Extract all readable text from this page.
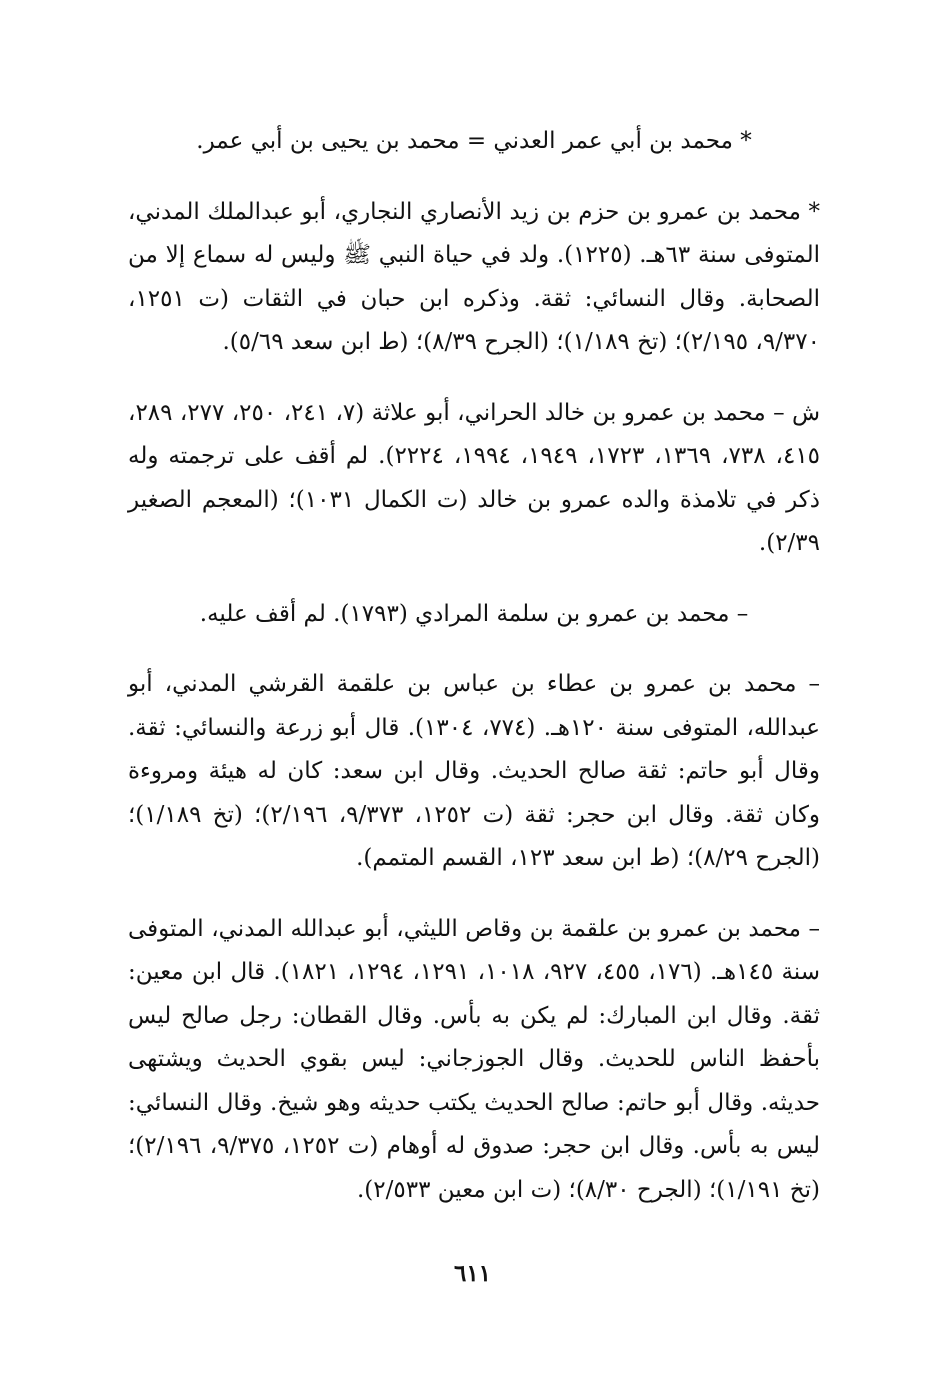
* محمد بن أبي عمر العدني = محمد بن يحيى بن أبي عمر.

* محمد بن عمرو بن حزم بن زيد الأنصاري النجاري، أبو عبدالملك المدني، المتوفى سنة ٦٣هـ. (١٢٢٥). ولد في حياة النبي ﷺ وليس له سماع إلا من الصحابة. وقال النسائي: ثقة. وذكره ابن حبان في الثقات (ت ١٢٥١، ٩/٣٧٠، ٢/١٩٥)؛ (تخ ١/١٨٩)؛ (الجرح ٨/٣٩)؛ (ط ابن سعد ٥/٦٩).

ش – محمد بن عمرو بن خالد الحراني، أبو علاثة (٧، ٢٤١، ٢٥٠، ٢٧٧، ٢٨٩، ٤١٥، ٧٣٨، ١٣٦٩، ١٧٢٣، ١٩٤٩، ١٩٩٤، ٢٢٢٤). لم أقف على ترجمته وله ذكر في تلامذة والده عمرو بن خالد (ت الكمال ١٠٣١)؛ (المعجم الصغير ٢/٣٩).

– محمد بن عمرو بن سلمة المرادي (١٧٩٣). لم أقف عليه.

– محمد بن عمرو بن عطاء بن عباس بن علقمة القرشي المدني، أبو عبدالله، المتوفى سنة ١٢٠هـ. (٧٧٤، ١٣٠٤). قال أبو زرعة والنسائي: ثقة. وقال أبو حاتم: ثقة صالح الحديث. وقال ابن سعد: كان له هيئة ومروءة وكان ثقة. وقال ابن حجر: ثقة (ت ١٢٥٢، ٩/٣٧٣، ٢/١٩٦)؛ (تخ ١/١٨٩)؛ (الجرح ٨/٢٩)؛ (ط ابن سعد ١٢٣، القسم المتمم).

– محمد بن عمرو بن علقمة بن وقاص الليثي، أبو عبدالله المدني، المتوفى سنة ١٤٥هـ. (١٧٦، ٤٥٥، ٩٢٧، ١٠١٨، ١٢٩١، ١٢٩٤، ١٨٢١). قال ابن معين: ثقة. وقال ابن المبارك: لم يكن به بأس. وقال القطان: رجل صالح ليس بأحفظ الناس للحديث. وقال الجوزجاني: ليس بقوي الحديث ويشتهى حديثه. وقال أبو حاتم: صالح الحديث يكتب حديثه وهو شيخ. وقال النسائي: ليس به بأس. وقال ابن حجر: صدوق له أوهام (ت ١٢٥٢، ٩/٣٧٥، ٢/١٩٦)؛ (تخ ١/١٩١)؛ (الجرح ٨/٣٠)؛ (ت ابن معين ٢/٥٣٣).

٦١١
